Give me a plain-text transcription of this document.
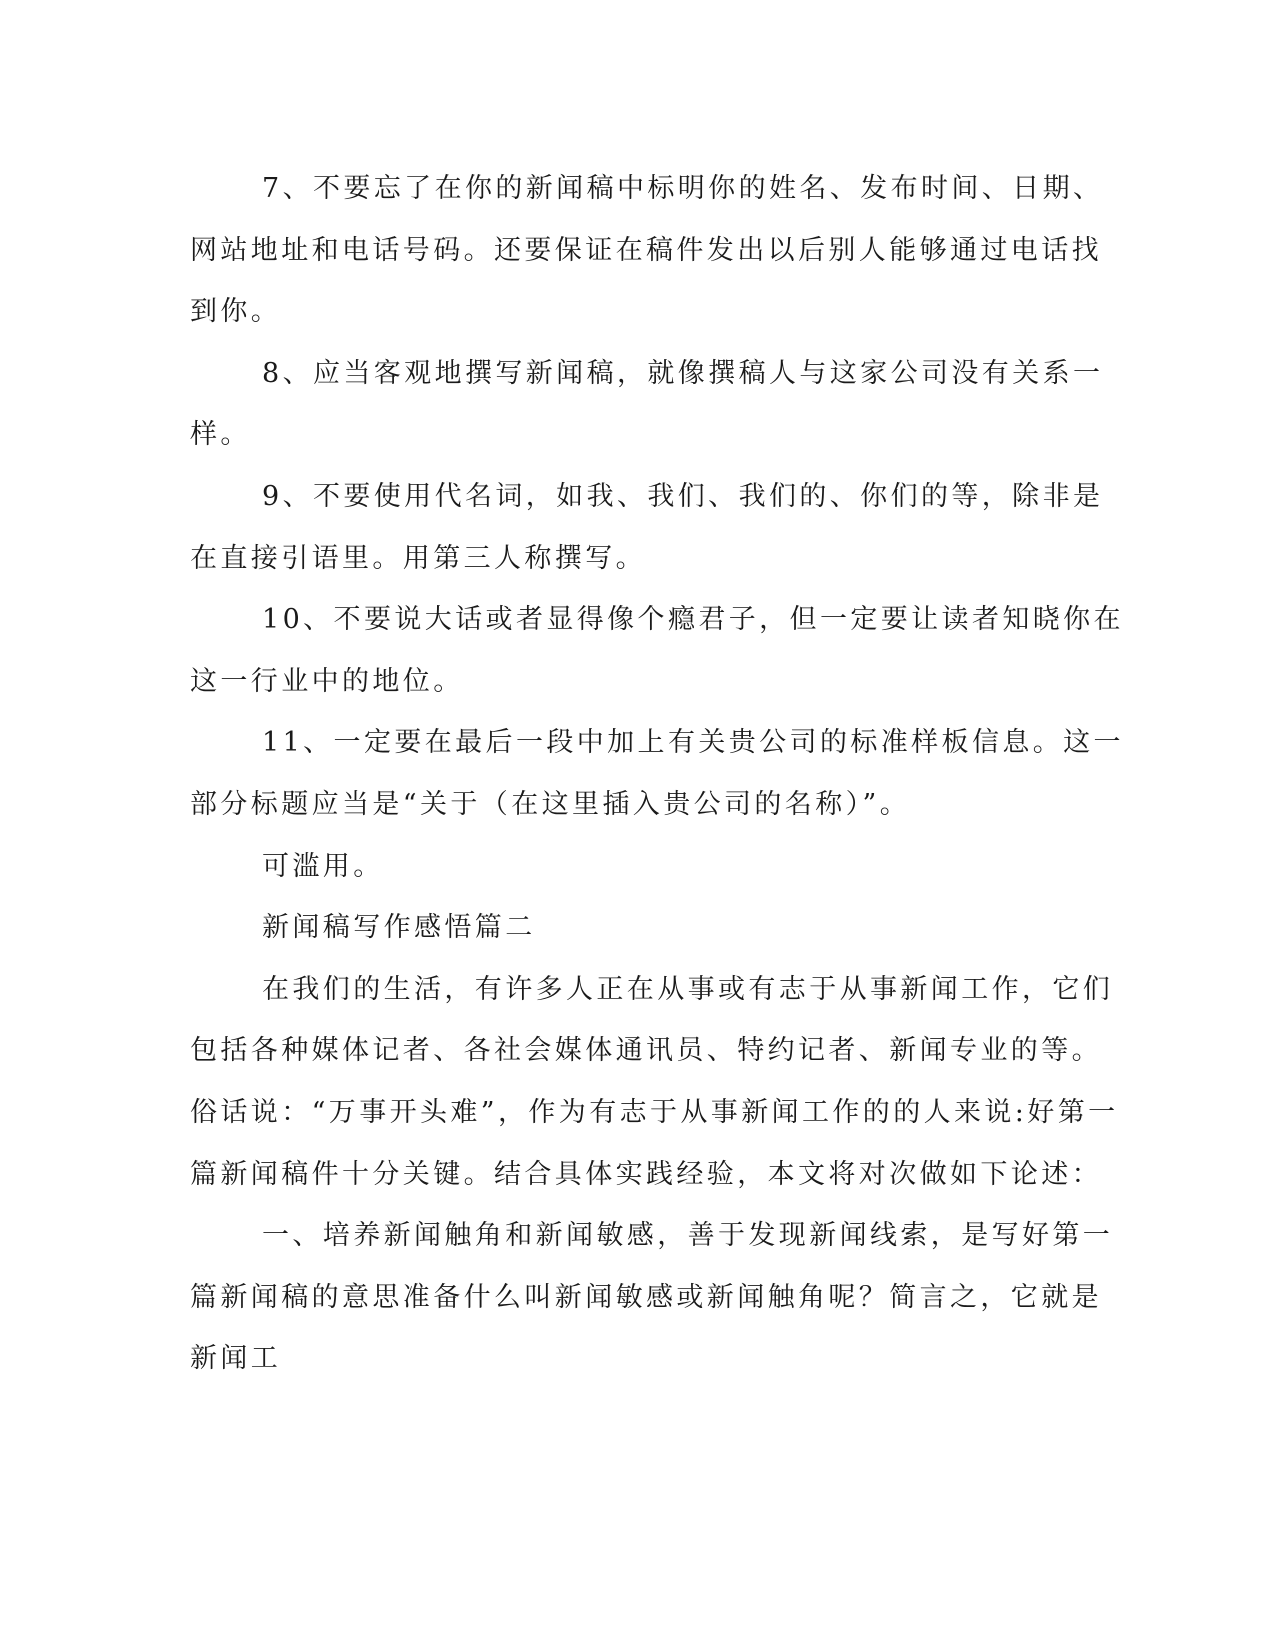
7、不要忘了在你的新闻稿中标明你的姓名、发布时间、日期、
网站地址和电话号码。还要保证在稿件发出以后别人能够通过电话找
到你。
8、应当客观地撰写新闻稿，就像撰稿人与这家公司没有关系一
样。
9、不要使用代名词，如我、我们、我们的、你们的等，除非是
在直接引语里。用第三人称撰写。
10、不要说大话或者显得像个瘾君子，但一定要让读者知晓你在
这一行业中的地位。
11、一定要在最后一段中加上有关贵公司的标准样板信息。这一
部分标题应当是“关于（在这里插入贵公司的名称）”。
可滥用。
新闻稿写作感悟篇二
在我们的生活，有许多人正在从事或有志于从事新闻工作，它们
包括各种媒体记者、各社会媒体通讯员、特约记者、新闻专业的等。
俗话说：“万事开头难”，作为有志于从事新闻工作的的人来说:好第一
篇新闻稿件十分关键。结合具体实践经验，本文将对次做如下论述：
一、培养新闻触角和新闻敏感，善于发现新闻线索，是写好第一
篇新闻稿的意思准备什么叫新闻敏感或新闻触角呢？简言之，它就是
新闻工
